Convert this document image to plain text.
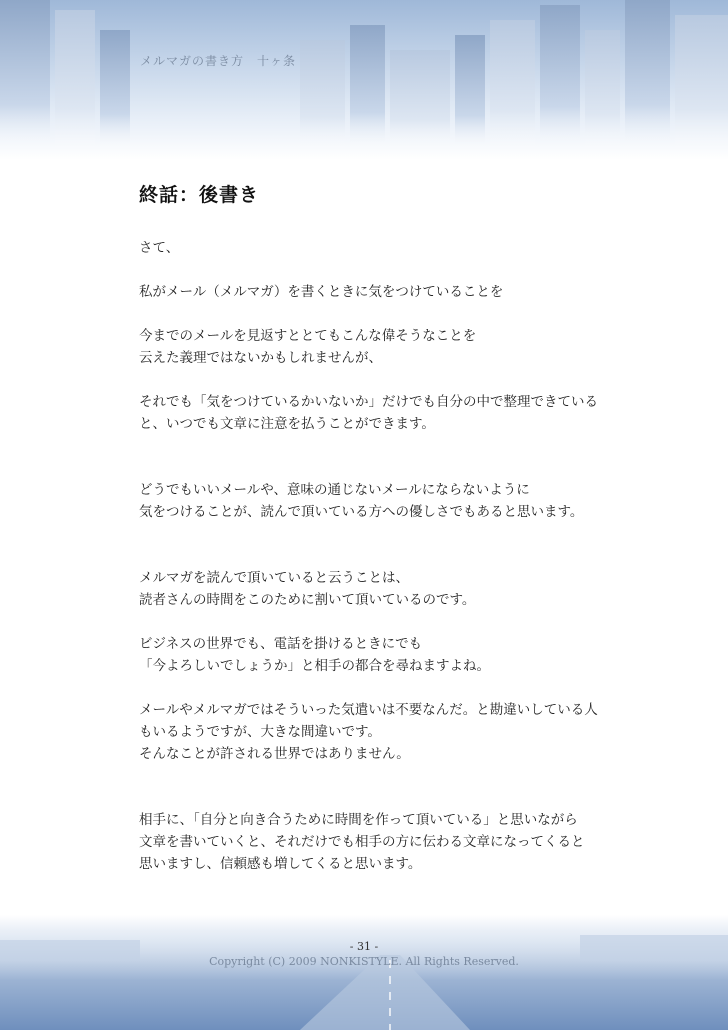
メルマガの書き方　十ヶ条
終話：後書き

さて、

私がメール（メルマガ）を書くときに気をつけていることを

今までのメールを見返すととてもこんな偉そうなことを
云えた義理ではないかもしれませんが、

それでも「気をつけているかいないか」だけでも自分の中で整理できている
と、いつでも文章に注意を払うことができます。

どうでもいいメールや、意味の通じないメールにならないように
気をつけることが、読んで頂いている方への優しさでもあると思います。

メルマガを読んで頂いていると云うことは、
読者さんの時間をこのために割いて頂いているのです。

ビジネスの世界でも、電話を掛けるときにでも
「今よろしいでしょうか」と相手の都合を尋ねますよね。

メールやメルマガではそういった気遣いは不要なんだ。と勘違いしている人
もいるようですが、大きな間違いです。
そんなことが許される世界ではありません。

相手に、「自分と向き合うために時間を作って頂いている」と思いながら
文章を書いていくと、それだけでも相手の方に伝わる文章になってくると
思いますし、信頼感も増してくると思います。

- 31 -
Copyright (C) 2009 NONKISTYLE. All Rights Reserved.
